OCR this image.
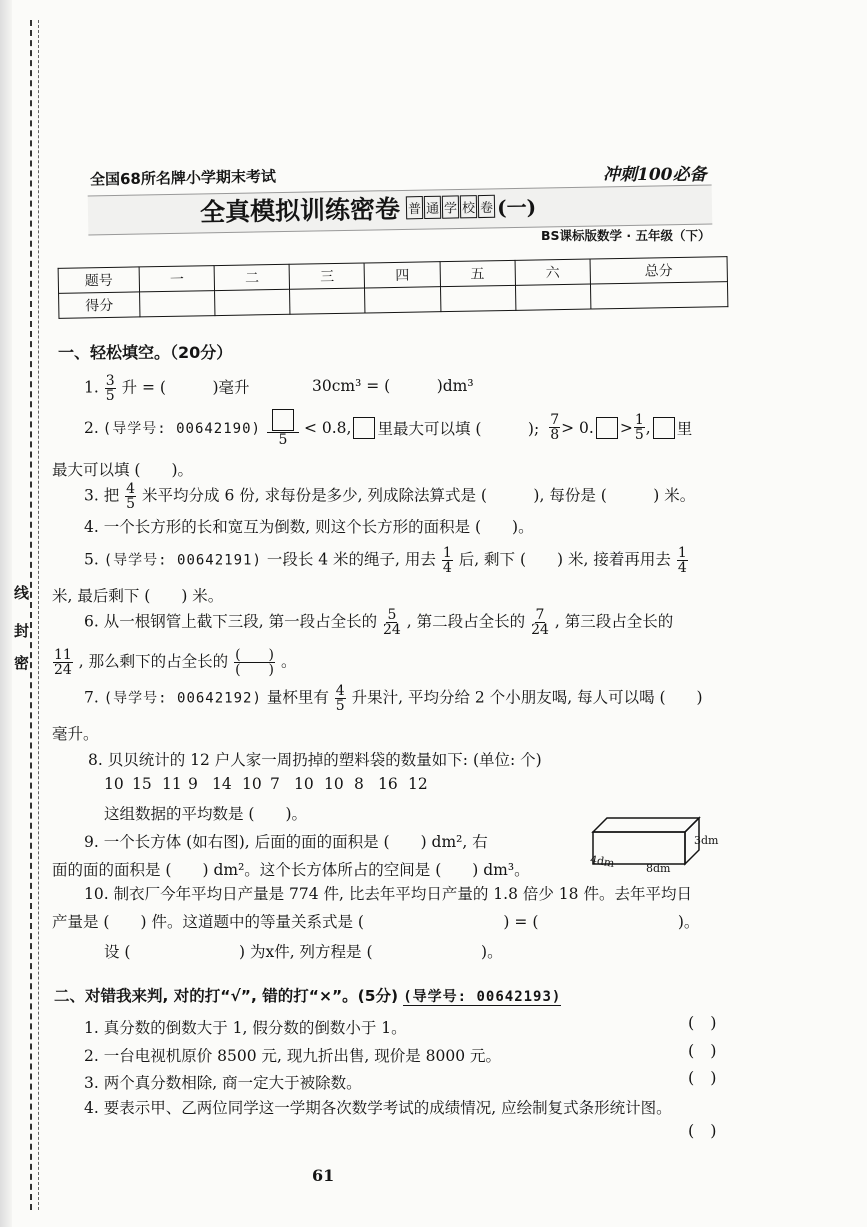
线
封
密
全国68所名牌小学期末考试	冲刺100必备
全真模拟训练密卷 普 通 学 校 卷 (一)
BS课标版数学 · 五年级（下）
题号	一	二	三	四	五	六	总分
得分							
一、轻松填空。（20分）
1. $\frac{3}{5}$ 升 = (　　　)毫升	30cm³ = (　　　)dm³
2. (导学号: 00642190)
5
< 0.8, 里最大可以填 (　　　); $\frac{7}{8} > 0$. > $\frac{1}{5}$ , 里
最大可以填 (　　)。
3. 把 $\frac{4}{5}$ 米平均分成 6 份, 求每份是多少, 列成除法算式是 (　　　), 每份是 (　　　) 米。
4. 一个长方形的长和宽互为倒数, 则这个长方形的面积是 (　　)。
5. (导学号: 00642191) 一段长 4 米的绳子, 用去 $\frac{1}{4}$ 后, 剩下 (　　) 米, 接着再用去 $\frac{1}{4}$
米, 最后剩下 (　　) 米。
6. 从一根钢管上截下三段, 第一段占全长的 $\frac{5}{24}$ , 第二段占全长的 $\frac{7}{24}$ , 第三段占全长的
$\frac{11}{24}$ , 那么剩下的占全长的 $\frac{( )}{( )}$ 。
7. (导学号: 00642192) 量杯里有 $\frac{4}{5}$ 升果汁, 平均分给 2 个小朋友喝, 每人可以喝 (　　)
毫升。
8. 贝贝统计的 12 户人家一周扔掉的塑料袋的数量如下: (单位: 个)
10 15 11 9 14 10 7 10 10 8 16 12
这组数据的平均数是 (　　)。
9. 一个长方体 (如右图), 后面的面的面积是 (　　) dm², 右
面的面的面积是 (　　) dm²。这个长方体所占的空间是 (　　) dm³。
3dm
4dm	8dm
10. 制衣厂今年平均日产量是 774 件, 比去年平均日产量的 1.8 倍少 18 件。去年平均日
产量是 (　　) 件。这道题中的等量关系式是 (　　　　　　　　　) = (　　　　　　　　　)。
设 (　　　　　　　) 为x件, 列方程是 (　　　　　　　)。
二、对错我来判, 对的打“√”, 错的打“×”。(5分) (导学号: 00642193)
1. 真分数的倒数大于 1, 假分数的倒数小于 1。	(　)
2. 一台电视机原价 8500 元, 现九折出售, 现价是 8000 元。	(　)
3. 两个真分数相除, 商一定大于被除数。	(　)
4. 要表示甲、乙两位同学这一学期各次数学考试的成绩情况, 应绘制复式条形统计图。
(　)
61
